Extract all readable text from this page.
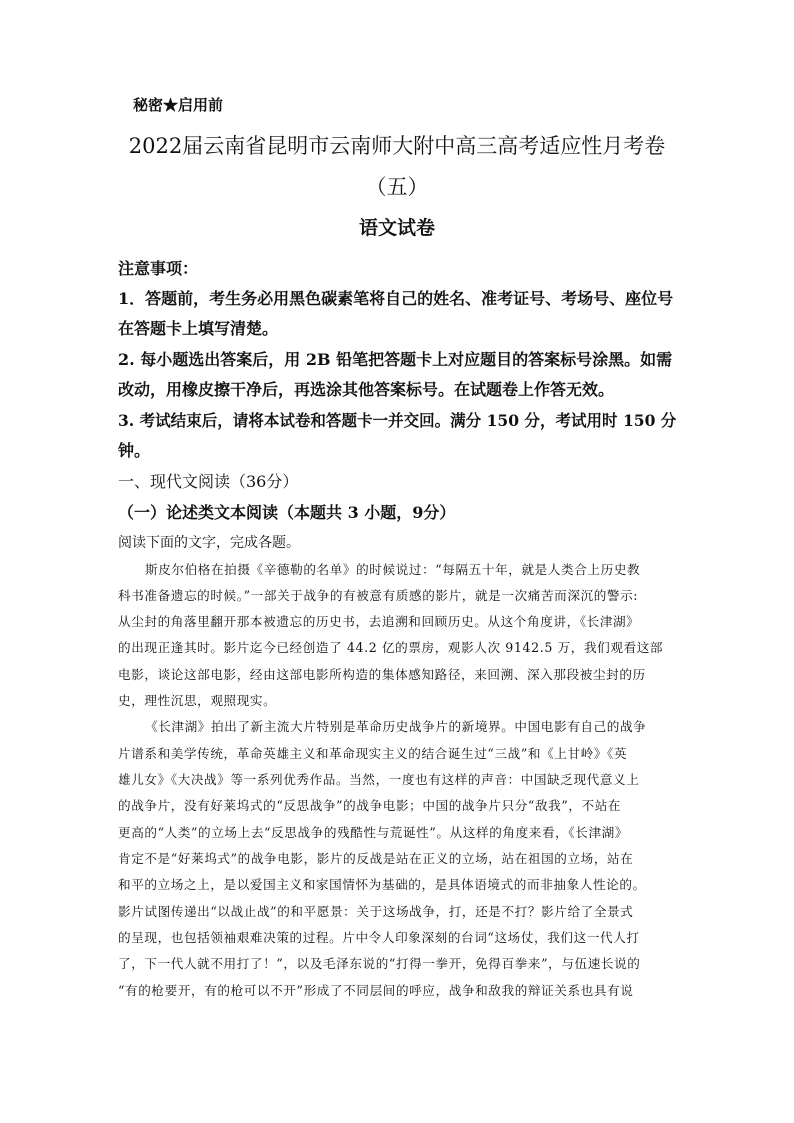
秘密★启用前
2022届云南省昆明市云南师大附中高三高考适应性月考卷
（五）
语文试卷
注意事项：
1．答题前，考生务必用黑色碳素笔将自己的姓名、准考证号、考场号、座位号
在答题卡上填写清楚。
2. 每小题选出答案后，用 2B 铅笔把答题卡上对应题目的答案标号涂黑。如需
改动，用橡皮擦干净后，再选涂其他答案标号。在试题卷上作答无效。
3. 考试结束后，请将本试卷和答题卡一并交回。满分 150 分，考试用时 150 分
钟。
一、现代文阅读（36分）
（一）论述类文本阅读（本题共 3 小题，9分）
阅读下面的文字，完成各题。
斯皮尔伯格在拍摄《辛德勒的名单》的时候说过：“每隔五十年，就是人类合上历史教
科书准备遗忘的时候。”一部关于战争的有被意有质感的影片，就是一次痛苦而深沉的警示:
从尘封的角落里翻开那本被遗忘的历史书，去追溯和回顾历史。从这个角度讲，《长津湖》
的出现正逢其时。影片迄今已经创造了 44.2 亿的票房，观影人次 9142.5 万，我们观看这部
电影，谈论这部电影，经由这部电影所构造的集体感知路径，来回溯、深入那段被尘封的历
史，理性沉思，观照现实。
《长津湖》拍出了新主流大片特别是革命历史战争片的新境界。中国电影有自己的战争
片谱系和美学传统，革命英雄主义和革命现实主义的结合诞生过“三战”和《上甘岭》《英
雄儿女》《大决战》等一系列优秀作品。当然，一度也有这样的声音：中国缺乏现代意义上
的战争片，没有好莱坞式的“反思战争”的战争电影；中国的战争片只分“敌我”，不站在
更高的“人类”的立场上去“反思战争的残酷性与荒诞性”。从这样的角度来看，《长津湖》
肯定不是“好莱坞式”的战争电影，影片的反战是站在正义的立场，站在祖国的立场，站在
和平的立场之上，是以爱国主义和家国情怀为基础的，是具体语境式的而非抽象人性论的。
影片试图传递出“以战止战”的和平愿景：关于这场战争，打，还是不打？影片给了全景式
的呈现，也包括领袖艰难决策的过程。片中令人印象深刻的台词“这场仗，我们这一代人打
了，下一代人就不用打了！”，以及毛泽东说的“打得一拳开，免得百拳来”，与伍速长说的
“有的枪要开，有的枪可以不开”形成了不同层间的呼应，战争和敌我的辩证关系也具有说
